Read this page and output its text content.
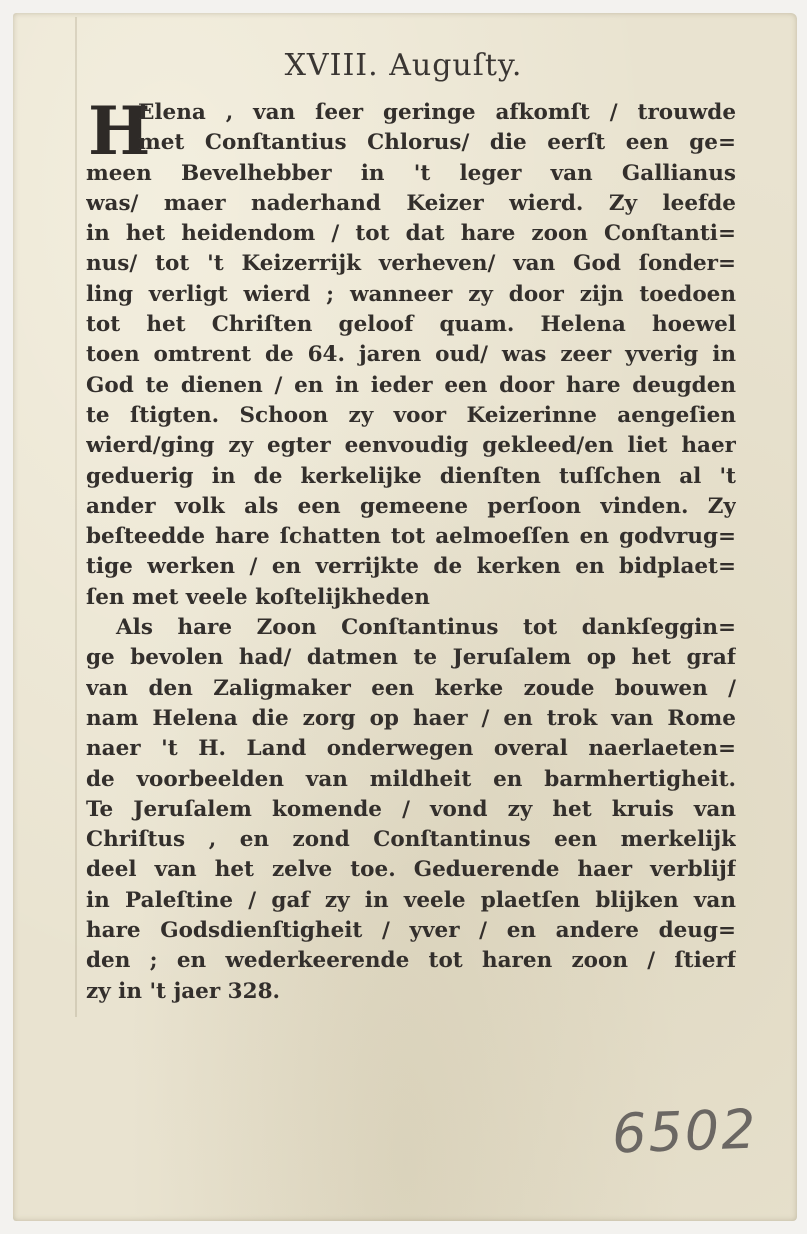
XVIII. Auguſty.
H
Elena , van ſeer geringe afkomſt / trouwde
met Conſtantius Chlorus/ die eerſt een ge=
meen Bevelhebber in 't leger van Gallianus
was/ maer naderhand Keizer wierd. Zy leefde
in het heidendom / tot dat hare zoon Conſtanti=
nus/ tot 't Keizerrijk verheven/ van God ſonder=
ling verligt wierd ; wanneer zy door zijn toedoen
tot het Chriſten geloof quam. Helena hoewel
toen omtrent de 64. jaren oud/ was zeer yverig in
God te dienen / en in ieder een door hare deugden
te ſtigten. Schoon zy voor Keizerinne aengeſien
wierd/ging zy egter eenvoudig gekleed/en liet haer
geduerig in de kerkelijke dienſten tuſſchen al 't
ander volk als een gemeene perſoon vinden. Zy
beſteedde hare ſchatten tot aelmoeſſen en godvrug=
tige werken / en verrijkte de kerken en bidplaet=
ſen met veele koſtelijkheden
Als hare Zoon Conſtantinus tot dankſeggin=
ge bevolen had/ datmen te Jeruſalem op het graf
van den Zaligmaker een kerke zoude bouwen /
nam Helena die zorg op haer / en trok van Rome
naer 't H. Land onderwegen overal naerlaeten=
de voorbeelden van mildheit en barmhertigheit.
Te Jeruſalem komende / vond zy het kruis van
Chriſtus , en zond Conſtantinus een merkelijk
deel van het zelve toe. Geduerende haer verblijf
in Paleſtine / gaf zy in veele plaetſen blijken van
hare Godsdienſtigheit / yver / en andere deug=
den ; en wederkeerende tot haren zoon / ſtierf
zy in 't jaer 328.
6502
